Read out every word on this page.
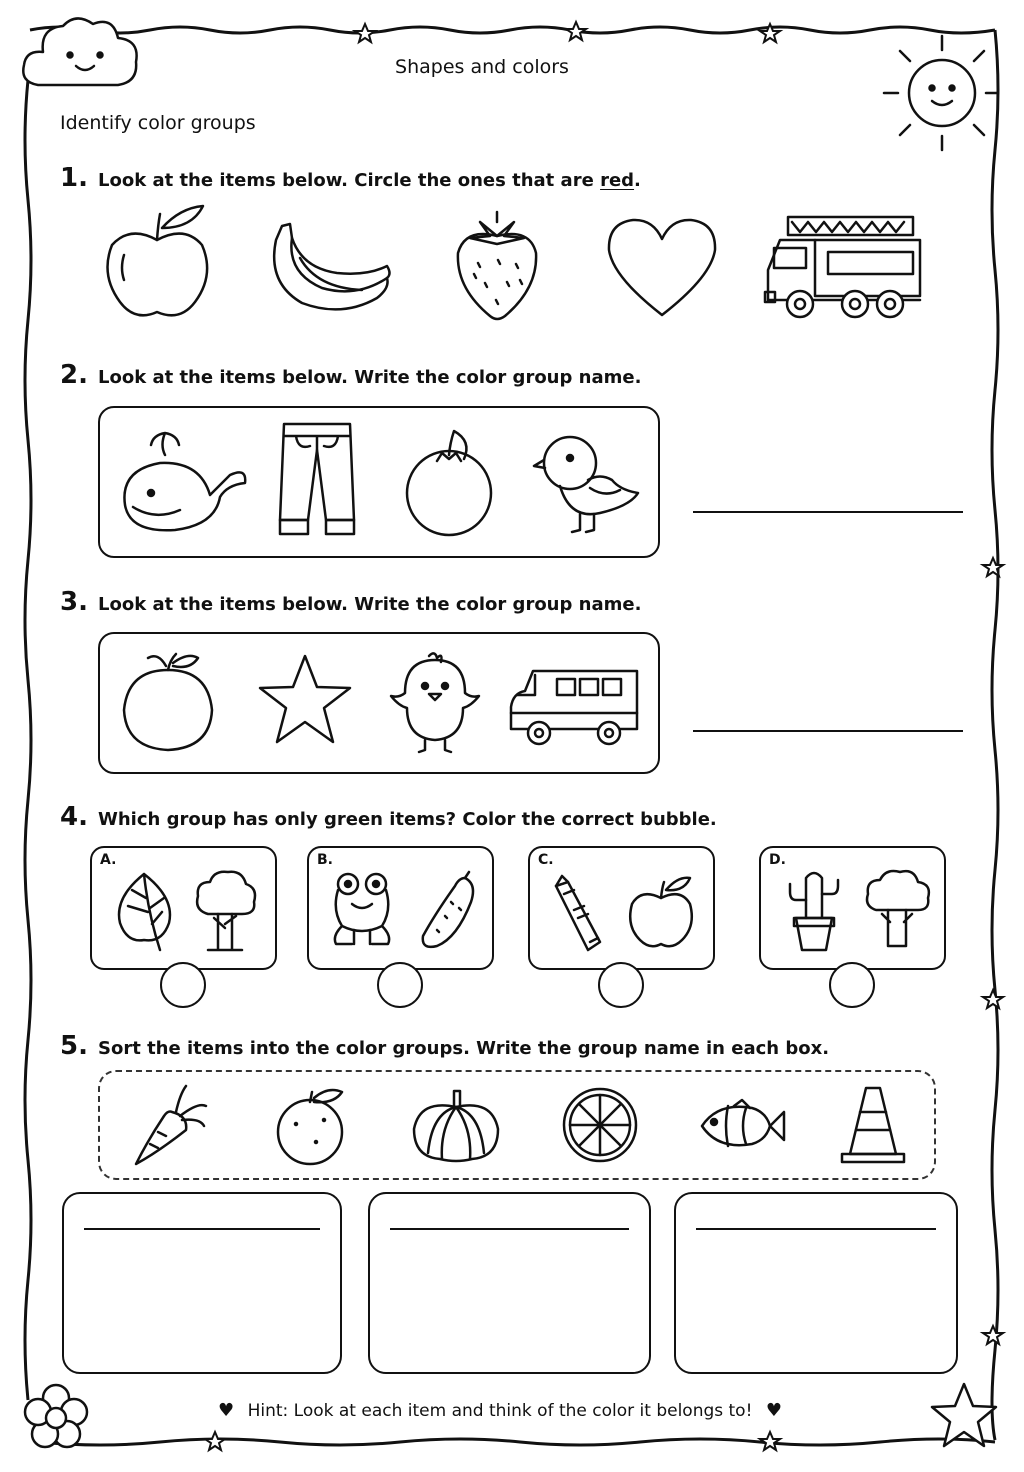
Shapes and colors
Identify color groups
1. Look at the items below. Circle the ones that are red .
2. Look at the items below. Write the color group name.
3. Look at the items below. Write the color group name.
4. Which group has only green items? Color the correct bubble.
A.	B.	C.	D.
5. Sort the items into the color groups. Write the group name in each box.
♥ Hint: Look at each item and think of the color it belongs to! ♥
